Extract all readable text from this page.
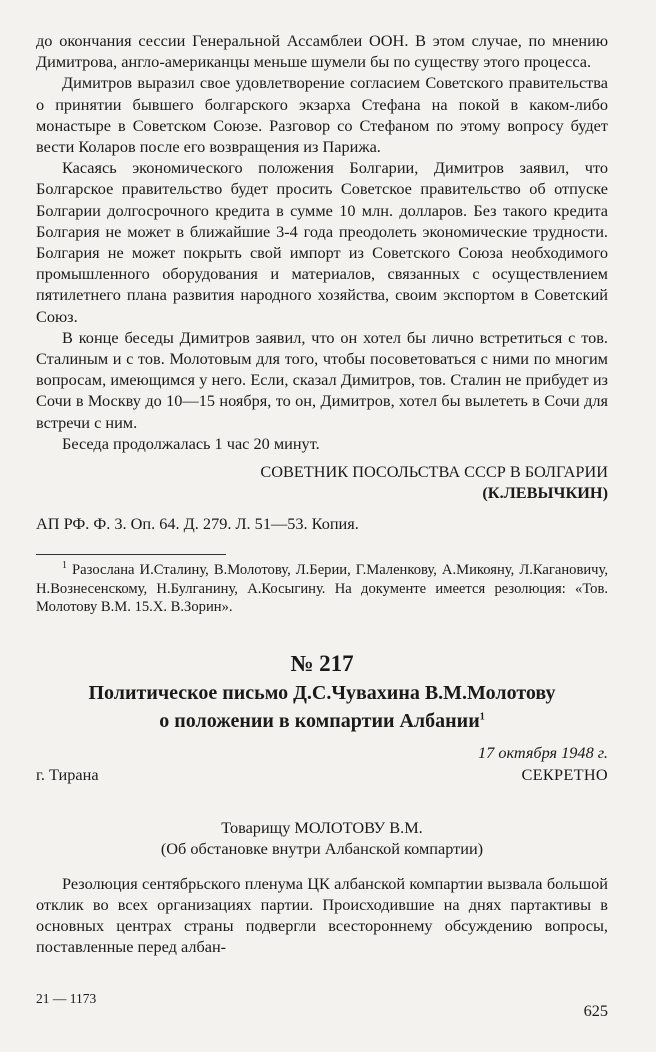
до окончания сессии Генеральной Ассамблеи ООН. В этом случае, по мнению Димитрова, англо-американцы меньше шумели бы по существу этого процесса.

Димитров выразил свое удовлетворение согласием Советского правительства о принятии бывшего болгарского экзарха Стефана на покой в каком-либо монастыре в Советском Союзе. Разговор со Стефаном по этому вопросу будет вести Коларов после его возвращения из Парижа.

Касаясь экономического положения Болгарии, Димитров заявил, что Болгарское правительство будет просить Советское правительство об отпуске Болгарии долгосрочного кредита в сумме 10 млн. долларов. Без такого кредита Болгария не может в ближайшие 3-4 года преодолеть экономические трудности. Болгария не может покрыть свой импорт из Советского Союза необходимого промышленного оборудования и материалов, связанных с осуществлением пятилетнего плана развития народного хозяйства, своим экспортом в Советский Союз.

В конце беседы Димитров заявил, что он хотел бы лично встретиться с тов. Сталиным и с тов. Молотовым для того, чтобы посоветоваться с ними по многим вопросам, имеющимся у него. Если, сказал Димитров, тов. Сталин не прибудет из Сочи в Москву до 10—15 ноября, то он, Димитров, хотел бы вылететь в Сочи для встречи с ним.

Беседа продолжалась 1 час 20 минут.

СОВЕТНИК ПОСОЛЬСТВА СССР В БОЛГАРИИ
(К.ЛЕВЫЧКИН)
АП РФ. Ф. 3. Оп. 64. Д. 279. Л. 51—53. Копия.

$^1$ Разослана И.Сталину, В.Молотову, Л.Берии, Г.Маленкову, А.Микояну, Л.Кагановичу, Н.Вознесенскому, Н.Булганину, А.Косыгину. На документе имеется резолюция: «Тов. Молотову В.М. 15.Х. В.Зорин».

№ 217
Политическое письмо Д.С.Чувахина В.М.Молотову
о положении в компартии Албании$^1$
17 октября 1948 г.
г. Тирана	СЕКРЕТНО
Товарищу МОЛОТОВУ В.М.
(Об обстановке внутри Албанской компартии)

Резолюция сентябрьского пленума ЦК албанской компартии вызвала большой отклик во всех организациях партии. Происходившие на днях партактивы в основных центрах страны подвергли всестороннему обсуждению вопросы, поставленные перед албан-

21 — 1173
625
